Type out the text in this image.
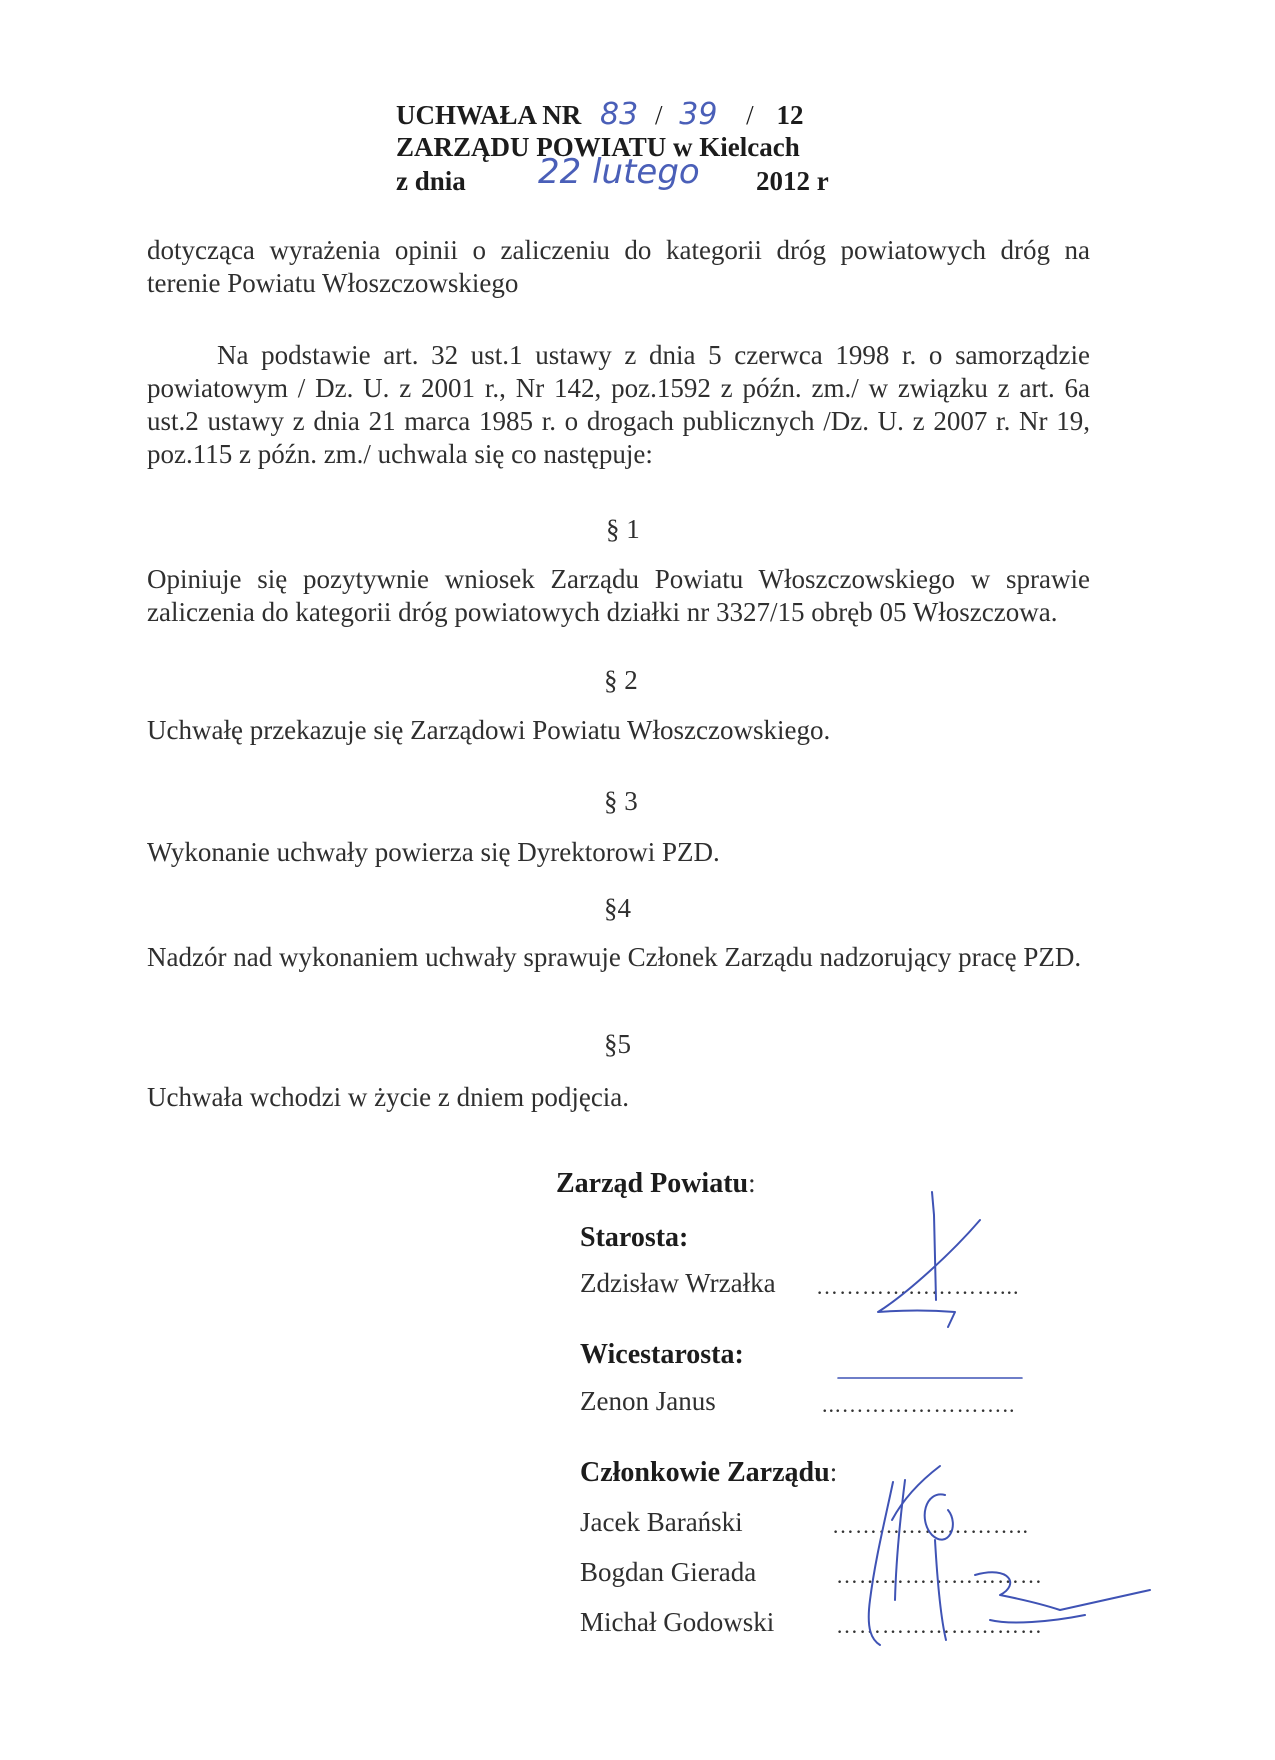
UCHWAŁA NR 83 / 39 / 12
ZARZĄDU POWIATU w Kielcach
z dnia 22 lutego 2012 r
dotycząca wyrażenia opinii o zaliczeniu do kategorii dróg powiatowych dróg na terenie Powiatu Włoszczowskiego
Na podstawie art. 32 ust.1 ustawy z dnia 5 czerwca 1998 r. o samorządzie powiatowym / Dz. U. z 2001 r., Nr 142, poz.1592 z późn. zm./ w związku z art. 6a ust.2 ustawy z dnia 21 marca 1985 r. o drogach publicznych /Dz. U. z 2007 r. Nr 19, poz.115 z późn. zm./ uchwala się co następuje:
§ 1
Opiniuje się pozytywnie wniosek Zarządu Powiatu Włoszczowskiego w sprawie zaliczenia do kategorii dróg powiatowych działki nr 3327/15 obręb 05 Włoszczowa.
§ 2
Uchwałę przekazuje się Zarządowi Powiatu Włoszczowskiego.
§ 3
Wykonanie uchwały powierza się Dyrektorowi PZD.
§4
Nadzór nad wykonaniem uchwały sprawuje Członek Zarządu nadzorujący pracę PZD.
§5
Uchwała wchodzi w życie z dniem podjęcia.
Zarząd Powiatu:
Starosta:
Zdzisław Wrzałka ……………………...
Wicestarosta:
Zenon Janus	...…………………..
Członkowie Zarządu:
Jacek Barański	……………………..
Bogdan Gierada	………………………
Michał Godowski	………………………
